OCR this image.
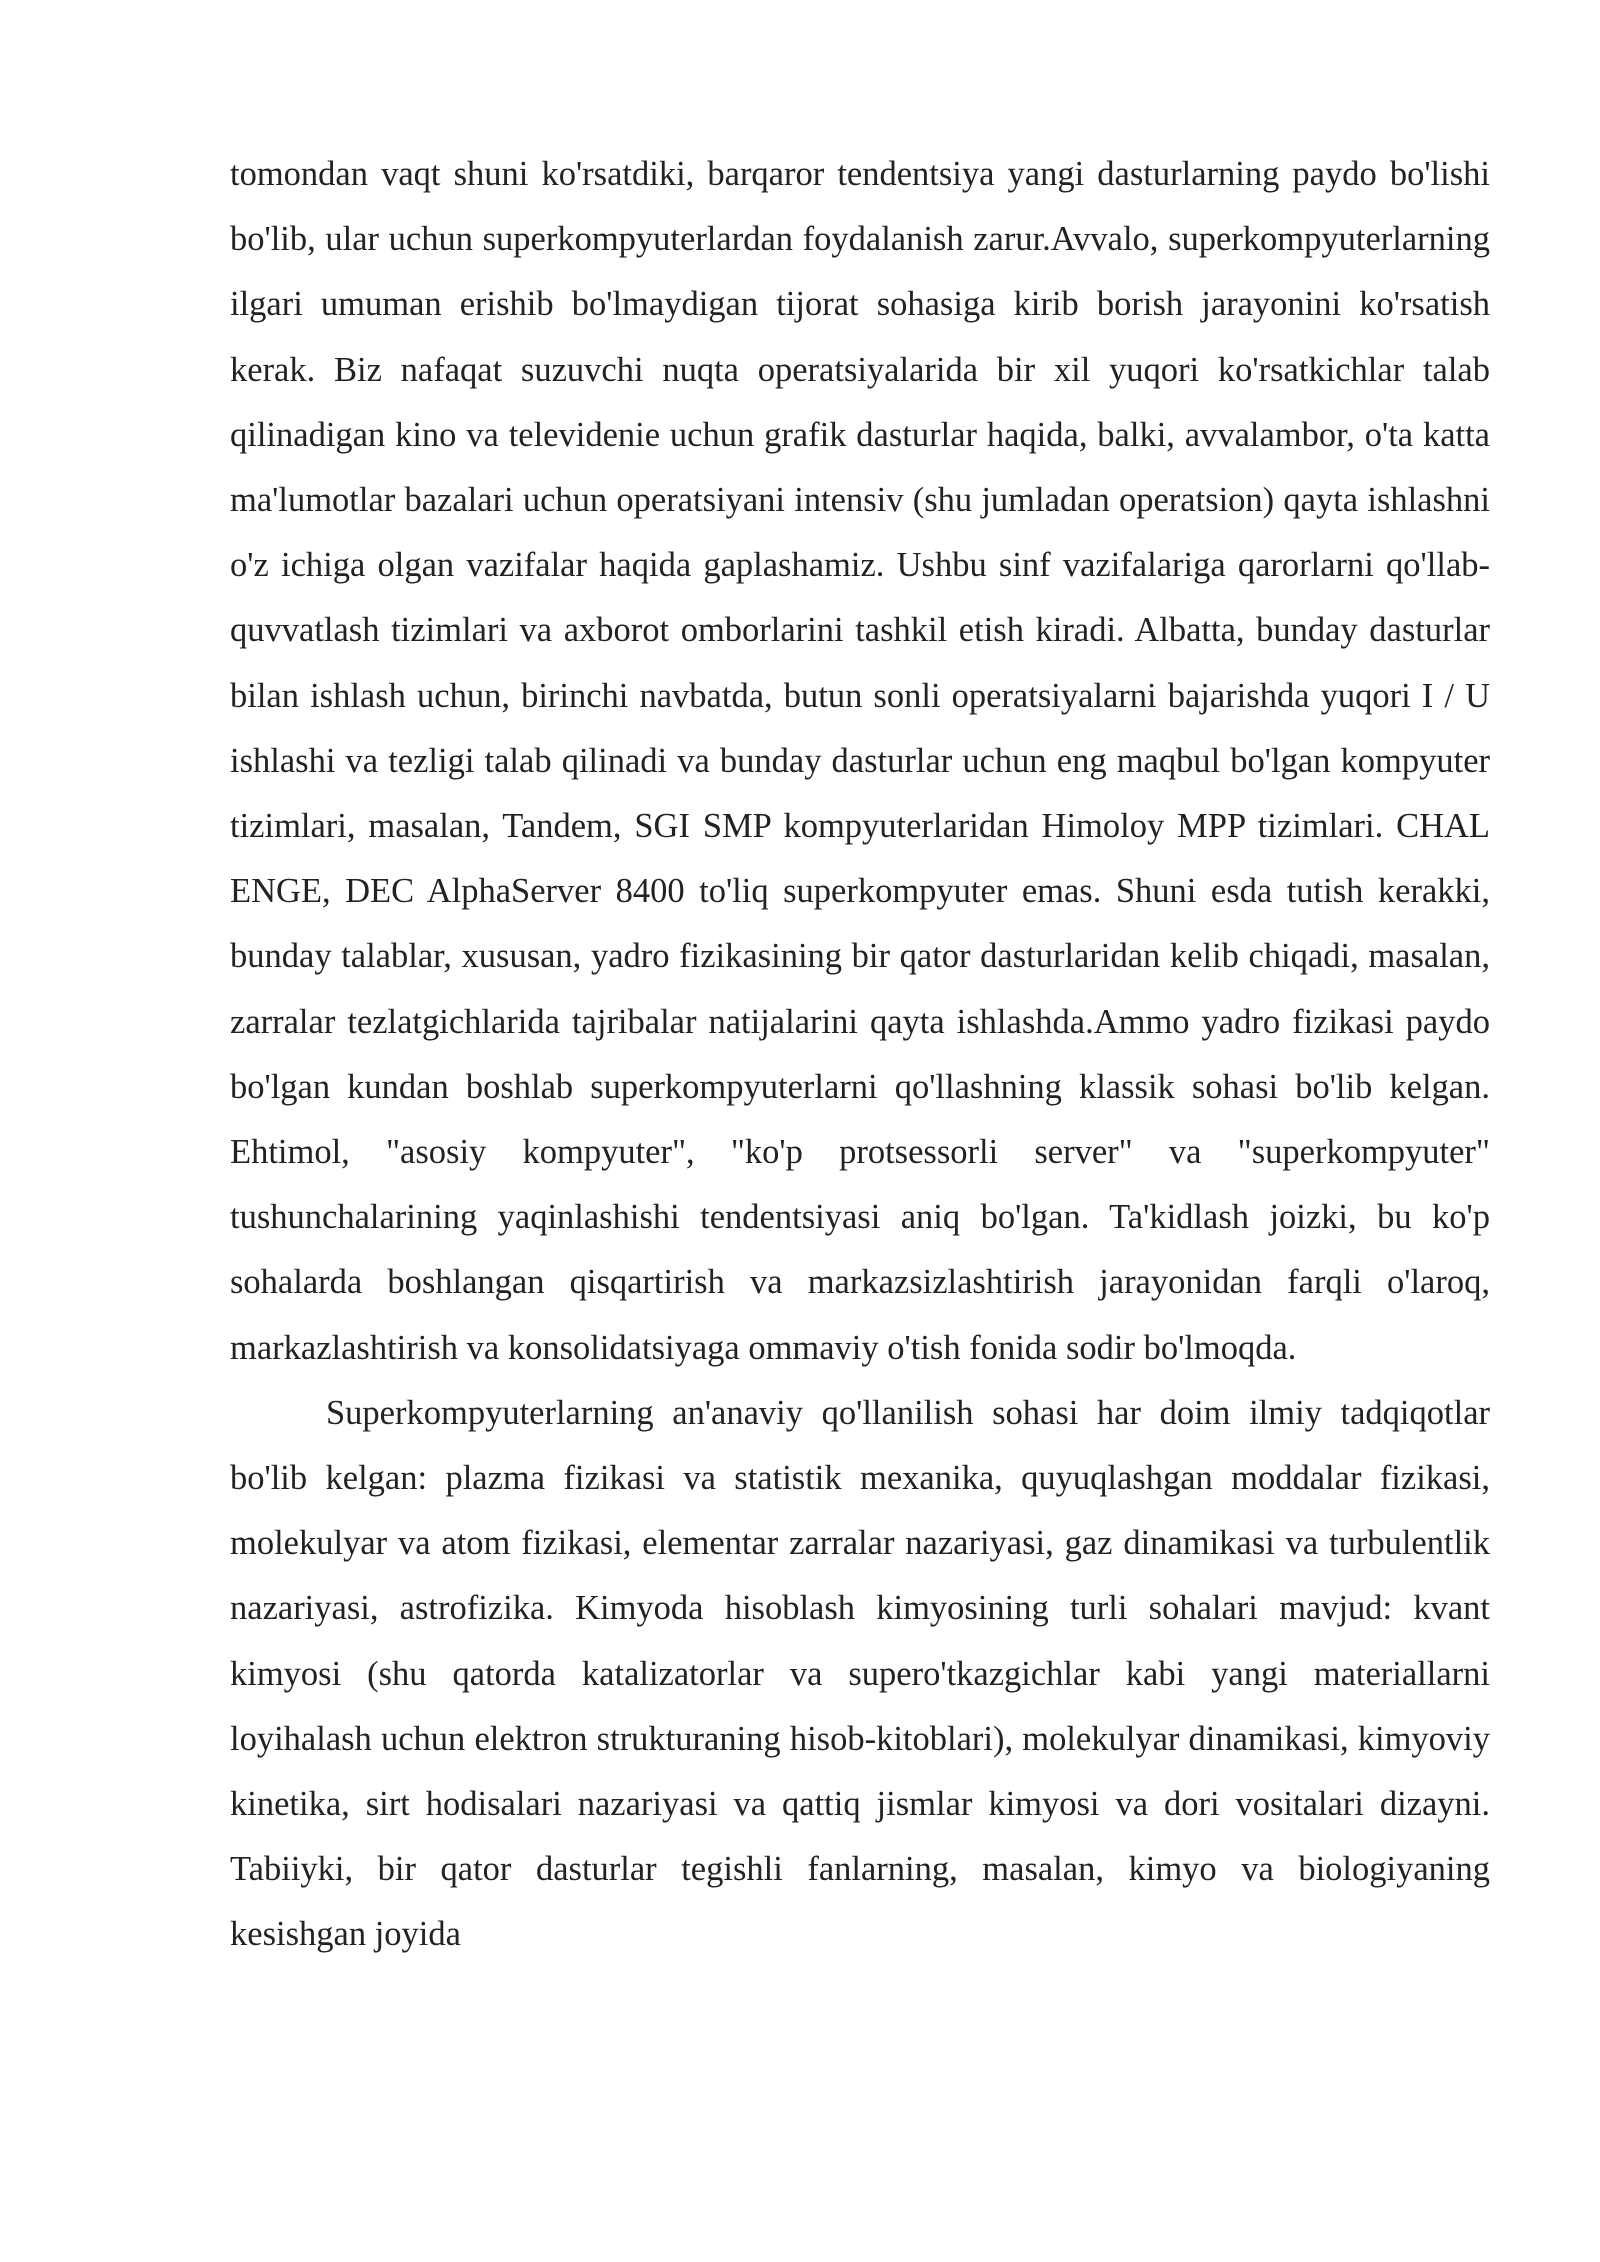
tomondan vaqt shuni ko'rsatdiki, barqaror tendentsiya yangi dasturlarning paydo bo'lishi bo'lib, ular uchun superkompyuterlardan foydalanish zarur.Avvalo, superkompyuterlarning ilgari umuman erishib bo'lmaydigan tijorat sohasiga kirib borish jarayonini ko'rsatish kerak. Biz nafaqat suzuvchi nuqta operatsiyalarida bir xil yuqori ko'rsatkichlar talab qilinadigan kino va televidenie uchun grafik dasturlar haqida, balki, avvalambor, o'ta katta ma'lumotlar bazalari uchun operatsiyani intensiv (shu jumladan operatsion) qayta ishlashni o'z ichiga olgan vazifalar haqida gaplashamiz. Ushbu sinf vazifalariga qarorlarni qo'llab-quvvatlash tizimlari va axborot omborlarini tashkil etish kiradi. Albatta, bunday dasturlar bilan ishlash uchun, birinchi navbatda, butun sonli operatsiyalarni bajarishda yuqori I / U ishlashi va tezligi talab qilinadi va bunday dasturlar uchun eng maqbul bo'lgan kompyuter tizimlari, masalan, Tandem, SGI SMP kompyuterlaridan Himoloy MPP tizimlari. CHAL ENGE, DEC AlphaServer 8400 to'liq superkompyuter emas. Shuni esda tutish kerakki, bunday talablar, xususan, yadro fizikasining bir qator dasturlaridan kelib chiqadi, masalan, zarralar tezlatgichlarida tajribalar natijalarini qayta ishlashda.Ammo yadro fizikasi paydo bo'lgan kundan boshlab superkompyuterlarni qo'llashning klassik sohasi bo'lib kelgan. Ehtimol, "asosiy kompyuter", "ko'p protsessorli server" va "superkompyuter" tushunchalarining yaqinlashishi tendentsiyasi aniq bo'lgan. Ta'kidlash joizki, bu ko'p sohalarda boshlangan qisqartirish va markazsizlashtirish jarayonidan farqli o'laroq, markazlashtirish va konsolidatsiyaga ommaviy o'tish fonida sodir bo'lmoqda.

Superkompyuterlarning an'anaviy qo'llanilish sohasi har doim ilmiy tadqiqotlar bo'lib kelgan: plazma fizikasi va statistik mexanika, quyuqlashgan moddalar fizikasi, molekulyar va atom fizikasi, elementar zarralar nazariyasi, gaz dinamikasi va turbulentlik nazariyasi, astrofizika. Kimyoda hisoblash kimyosining turli sohalari mavjud: kvant kimyosi (shu qatorda katalizatorlar va supero'tkazgichlar kabi yangi materiallarni loyihalash uchun elektron strukturaning hisob-kitoblari), molekulyar dinamikasi, kimyoviy kinetika, sirt hodisalari nazariyasi va qattiq jismlar kimyosi va dori vositalari dizayni. Tabiiyki, bir qator dasturlar tegishli fanlarning, masalan, kimyo va biologiyaning kesishgan joyida
